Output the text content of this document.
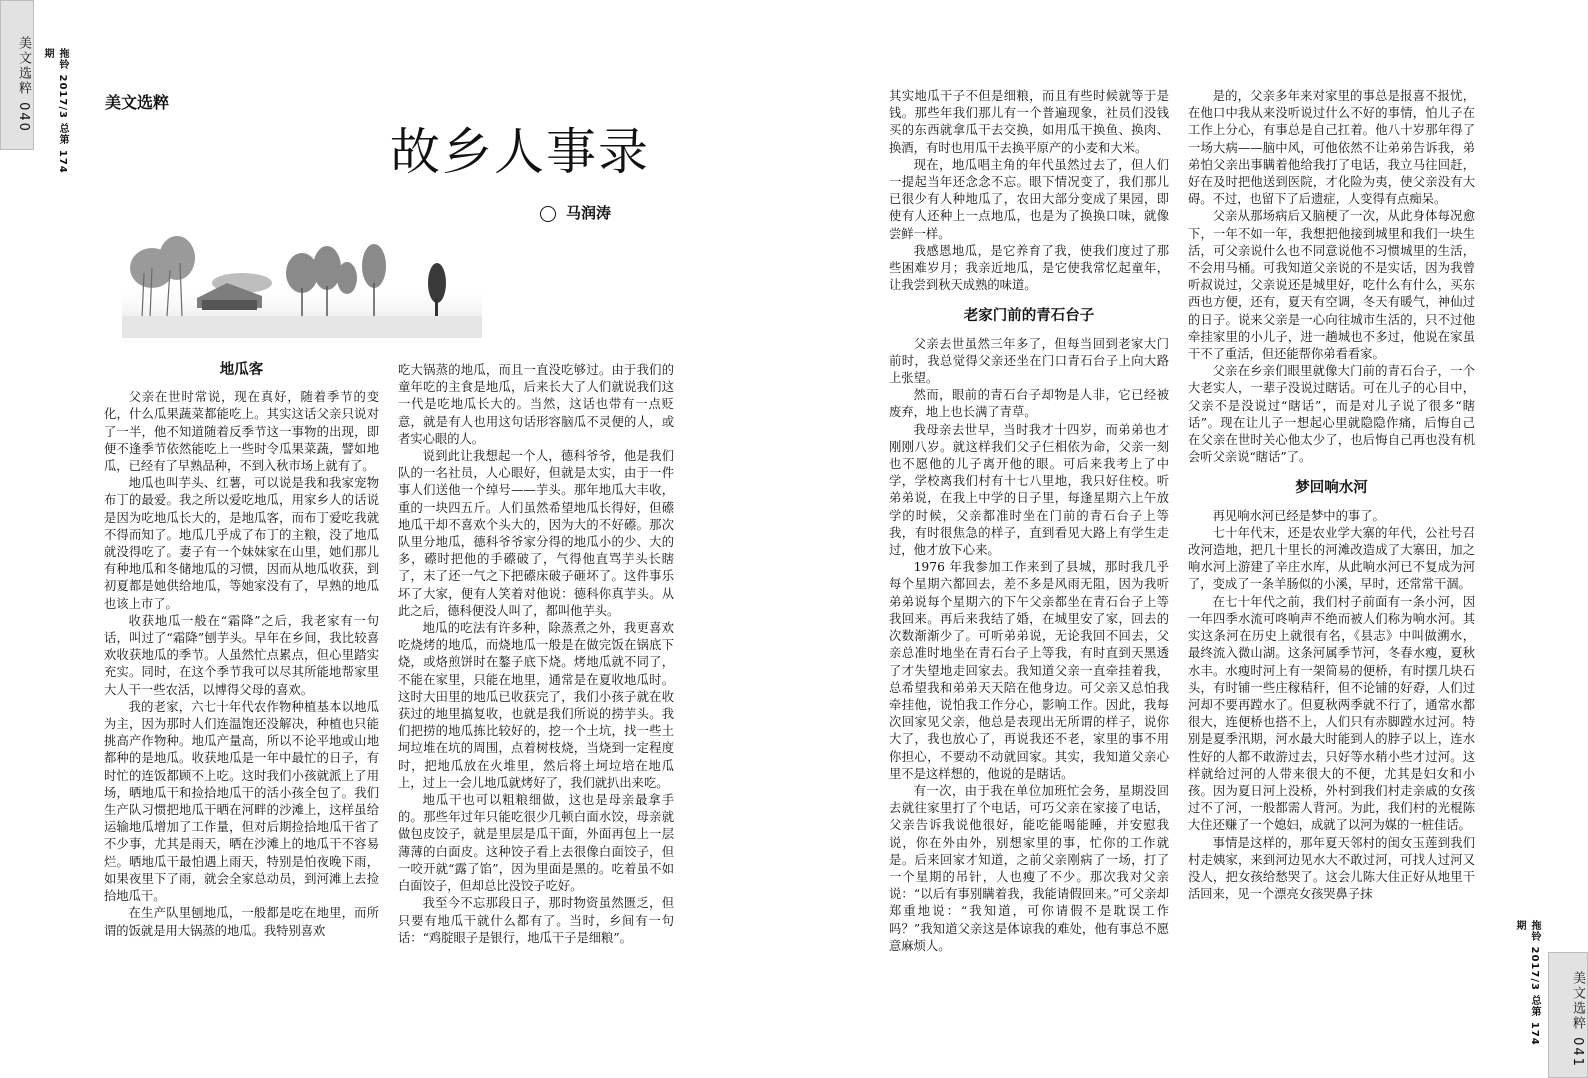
美文选粹 040	拖铃 2017/3 总第 174 期
美文选粹
故乡人事录
马润涛
地瓜客

父亲在世时常说，现在真好，随着季节的变化，什么瓜果蔬菜都能吃上。其实这话父亲只说对了一半，他不知道随着反季节这一事物的出现，即便不逢季节依然能吃上一些时令瓜果菜蔬，譬如地瓜，已经有了早熟品种，不到入秋市场上就有了。

地瓜也叫芋头、红薯，可以说是我和我家宠物布丁的最爱。我之所以爱吃地瓜，用家乡人的话说是因为吃地瓜长大的，是地瓜客，而布丁爱吃我就不得而知了。地瓜几乎成了布丁的主粮，没了地瓜就没得吃了。妻子有一个妹妹家在山里，她们那儿有种地瓜和冬储地瓜的习惯，因而从地瓜收获，到初夏都是她供给地瓜，等她家没有了，早熟的地瓜也该上市了。

收获地瓜一般在“霜降”之后，我老家有一句话，叫过了“霜降”刨芋头。早年在乡间，我比较喜欢收获地瓜的季节。人虽然忙点累点，但心里踏实充实。同时，在这个季节我可以尽其所能地帮家里大人干一些农活，以博得父母的喜欢。

我的老家，六七十年代农作物种植基本以地瓜为主，因为那时人们连温饱还没解决，种植也只能挑高产作物种。地瓜产量高，所以不论平地或山地都种的是地瓜。收获地瓜是一年中最忙的日子，有时忙的连饭都顾不上吃。这时我们小孩就派上了用场，晒地瓜干和捡拾地瓜干的活小孩全包了。我们生产队习惯把地瓜干晒在河畔的沙滩上，这样虽给运输地瓜增加了工作量，但对后期捡拾地瓜干省了不少事，尤其是雨天，晒在沙滩上的地瓜干不容易烂。晒地瓜干最怕遇上雨天，特别是怕夜晚下雨，如果夜里下了雨，就会全家总动员，到河滩上去捡拾地瓜干。

在生产队里刨地瓜，一般都是吃在地里，而所谓的饭就是用大锅蒸的地瓜。我特别喜欢

吃大锅蒸的地瓜，而且一直没吃够过。由于我们的童年吃的主食是地瓜，后来长大了人们就说我们这一代是吃地瓜长大的。当然，这话也带有一点贬意，就是有人也用这句话形容脑瓜不灵便的人，或者实心眼的人。

说到此让我想起一个人，德科爷爷，他是我们队的一名社员，人心眼好，但就是太实，由于一件事人们送他一个绰号——芋头。那年地瓜大丰收，重的一块四五斤。人们虽然希望地瓜长得好，但礤地瓜干却不喜欢个头大的，因为大的不好礤。那次队里分地瓜，德科爷爷家分得的地瓜小的少、大的多，礤时把他的手礤破了，气得他直骂芋头长瞎了，末了还一气之下把礤床破子砸坏了。这件事乐坏了大家，便有人笑着对他说：德科你真芋头。从此之后，德科便没人叫了，都叫他芋头。

地瓜的吃法有许多种，除蒸煮之外，我更喜欢吃烧烤的地瓜，而烧地瓜一般是在做完饭在锅底下烧，或烙煎饼时在鏊子底下烧。烤地瓜就不同了，不能在家里，只能在地里，通常是在夏收地瓜时。这时大田里的地瓜已收获完了，我们小孩子就在收获过的地里搞复收，也就是我们所说的捞芋头。我们把捞的地瓜拣比较好的，挖一个土坑，找一些土坷垃堆在坑的周围，点着树枝烧，当烧到一定程度时，把地瓜放在火堆里，然后将土坷垃培在地瓜上，过上一会儿地瓜就烤好了，我们就扒出来吃。

地瓜干也可以粗粮细做，这也是母亲最拿手的。那些年过年只能吃很少几顿白面水饺，母亲就做包皮饺子，就是里层是瓜干面，外面再包上一层薄薄的白面皮。这种饺子看上去很像白面饺子，但一咬开就“露了馅”，因为里面是黑的。吃着虽不如白面饺子，但却总比没饺子吃好。

我至今不忘那段日子，那时物资虽然匮乏，但只要有地瓜干就什么都有了。当时，乡间有一句话：“鸡腚眼子是银行，地瓜干子是细粮”。

其实地瓜干子不但是细粮，而且有些时候就等于是钱。那些年我们那儿有一个普遍现象，社员们没钱买的东西就拿瓜干去交换，如用瓜干换鱼、换肉、换酒，有时也用瓜干去换平原产的小麦和大米。

现在，地瓜唱主角的年代虽然过去了，但人们一提起当年还念念不忘。眼下情况变了，我们那儿已很少有人种地瓜了，农田大部分变成了果园，即使有人还种上一点地瓜，也是为了换换口味，就像尝鲜一样。

我感恩地瓜，是它养育了我，使我们度过了那些困难岁月；我亲近地瓜，是它使我常忆起童年，让我尝到秋天成熟的味道。

老家门前的青石台子

父亲去世虽然三年多了，但每当回到老家大门前时，我总觉得父亲还坐在门口青石台子上向大路上张望。

然而，眼前的青石台子却物是人非，它已经被废弃，地上也长满了青草。

我母亲去世早，当时我才十四岁，而弟弟也才刚刚八岁。就这样我们父子仨相依为命，父亲一刻也不愿他的儿子离开他的眼。可后来我考上了中学，学校离我们村有十七八里地，我只好住校。听弟弟说，在我上中学的日子里，每逢星期六上午放学的时候，父亲都准时坐在门前的青石台子上等我，有时很焦急的样子，直到看见大路上有学生走过，他才放下心来。

1976 年我参加工作来到了县城，那时我几乎每个星期六都回去，差不多是风雨无阻，因为我听弟弟说每个星期六的下午父亲都坐在青石台子上等我回来。再后来我结了婚，在城里安了家，回去的次数渐渐少了。可听弟弟说，无论我回不回去，父亲总准时地坐在青石台子上等我，有时直到天黑透了才失望地走回家去。我知道父亲一直牵挂着我，总希望我和弟弟天天陪在他身边。可父亲又总怕我牵挂他，说怕我工作分心，影响工作。因此，我每次回家见父亲，他总是表现出无所谓的样子，说你大了，我也放心了，再说我还不老，家里的事不用你担心，不要动不动就回家。其实，我知道父亲心里不是这样想的，他说的是瞎话。

有一次，由于我在单位加班忙会务，星期没回去就往家里打了个电话，可巧父亲在家接了电话，父亲告诉我说他很好，能吃能喝能睡，并安慰我说，你在外由外，别想家里的事，忙你的工作就是。后来回家才知道，之前父亲刚病了一场，打了一个星期的吊针，人也瘦了不少。那次我对父亲说：“以后有事别瞒着我，我能请假回来。”可父亲却郑重地说：“我知道，可你请假不是耽误工作吗？”我知道父亲这是体谅我的难处，他有事总不愿意麻烦人。

是的，父亲多年来对家里的事总是报喜不报忧，在他口中我从来没听说过什么不好的事情，怕儿子在工作上分心，有事总是自己扛着。他八十岁那年得了一场大病——脑中风，可他依然不让弟弟告诉我，弟弟怕父亲出事瞒着他给我打了电话，我立马往回赶，好在及时把他送到医院，才化险为夷，使父亲没有大碍。不过，也留下了后遗症，人变得有点痴呆。

父亲从那场病后又脑梗了一次，从此身体每况愈下，一年不如一年，我想把他接到城里和我们一块生活，可父亲说什么也不同意说他不习惯城里的生活，不会用马桶。可我知道父亲说的不是实话，因为我曾听叔说过，父亲说还是城里好，吃什么有什么，买东西也方便，还有，夏天有空调，冬天有暖气，神仙过的日子。说来父亲是一心向往城市生活的，只不过他牵挂家里的小儿子，进一趟城也不多过，他说在家虽干不了重活，但还能帮你弟看看家。

父亲在乡亲们眼里就像大门前的青石台子，一个大老实人，一辈子没说过瞎话。可在儿子的心目中，父亲不是没说过“瞎话”，而是对儿子说了很多“瞎话”。现在让儿子一想起心里就隐隐作痛，后悔自己在父亲在世时关心他太少了，也后悔自己再也没有机会听父亲说“瞎话”了。

梦回响水河

再见响水河已经是梦中的事了。

七十年代末，还是农业学大寨的年代，公社号召改河造地，把几十里长的河滩改造成了大寨田，加之响水河上游建了辛庄水库，从此响水河已不复成为河了，变成了一条羊肠似的小溪，早时，还常常干涸。

在七十年代之前，我们村子前面有一条小河，因一年四季水流可咚响声不绝而被人们称为响水河。其实这条河在历史上就很有名，《县志》中叫做溯水，最终流入微山湖。这条河属季节河，冬春水瘦，夏秋水丰。水瘦时河上有一架简易的便桥，有时摆几块石头，有时铺一些庄稼秸秆，但不论铺的好孬，人们过河却不要再蹚水了。但夏秋两季就不行了，通常水都很大，连便桥也搭不上，人们只有赤脚蹚水过河。特别是夏季汛期，河水最大时能到人的脖子以上，连水性好的人都不敢游过去，只好等水稍小些才过河。这样就给过河的人带来很大的不便，尤其是妇女和小孩。因为夏日河上没桥，外村到我们村走亲戚的女孩过不了河，一般都需人背河。为此，我们村的光棍陈大住还赚了一个媳妇，成就了以河为媒的一桩佳话。

事情是这样的，那年夏天邻村的闺女玉莲到我们村走姨家，来到河边见水大不敢过河，可找人过河又没人，把女孩给愁哭了。这会儿陈大住正好从地里干活回来，见一个漂亮女孩哭鼻子抹

拖铃 2017/3 总第 174 期
美文选粹 041
